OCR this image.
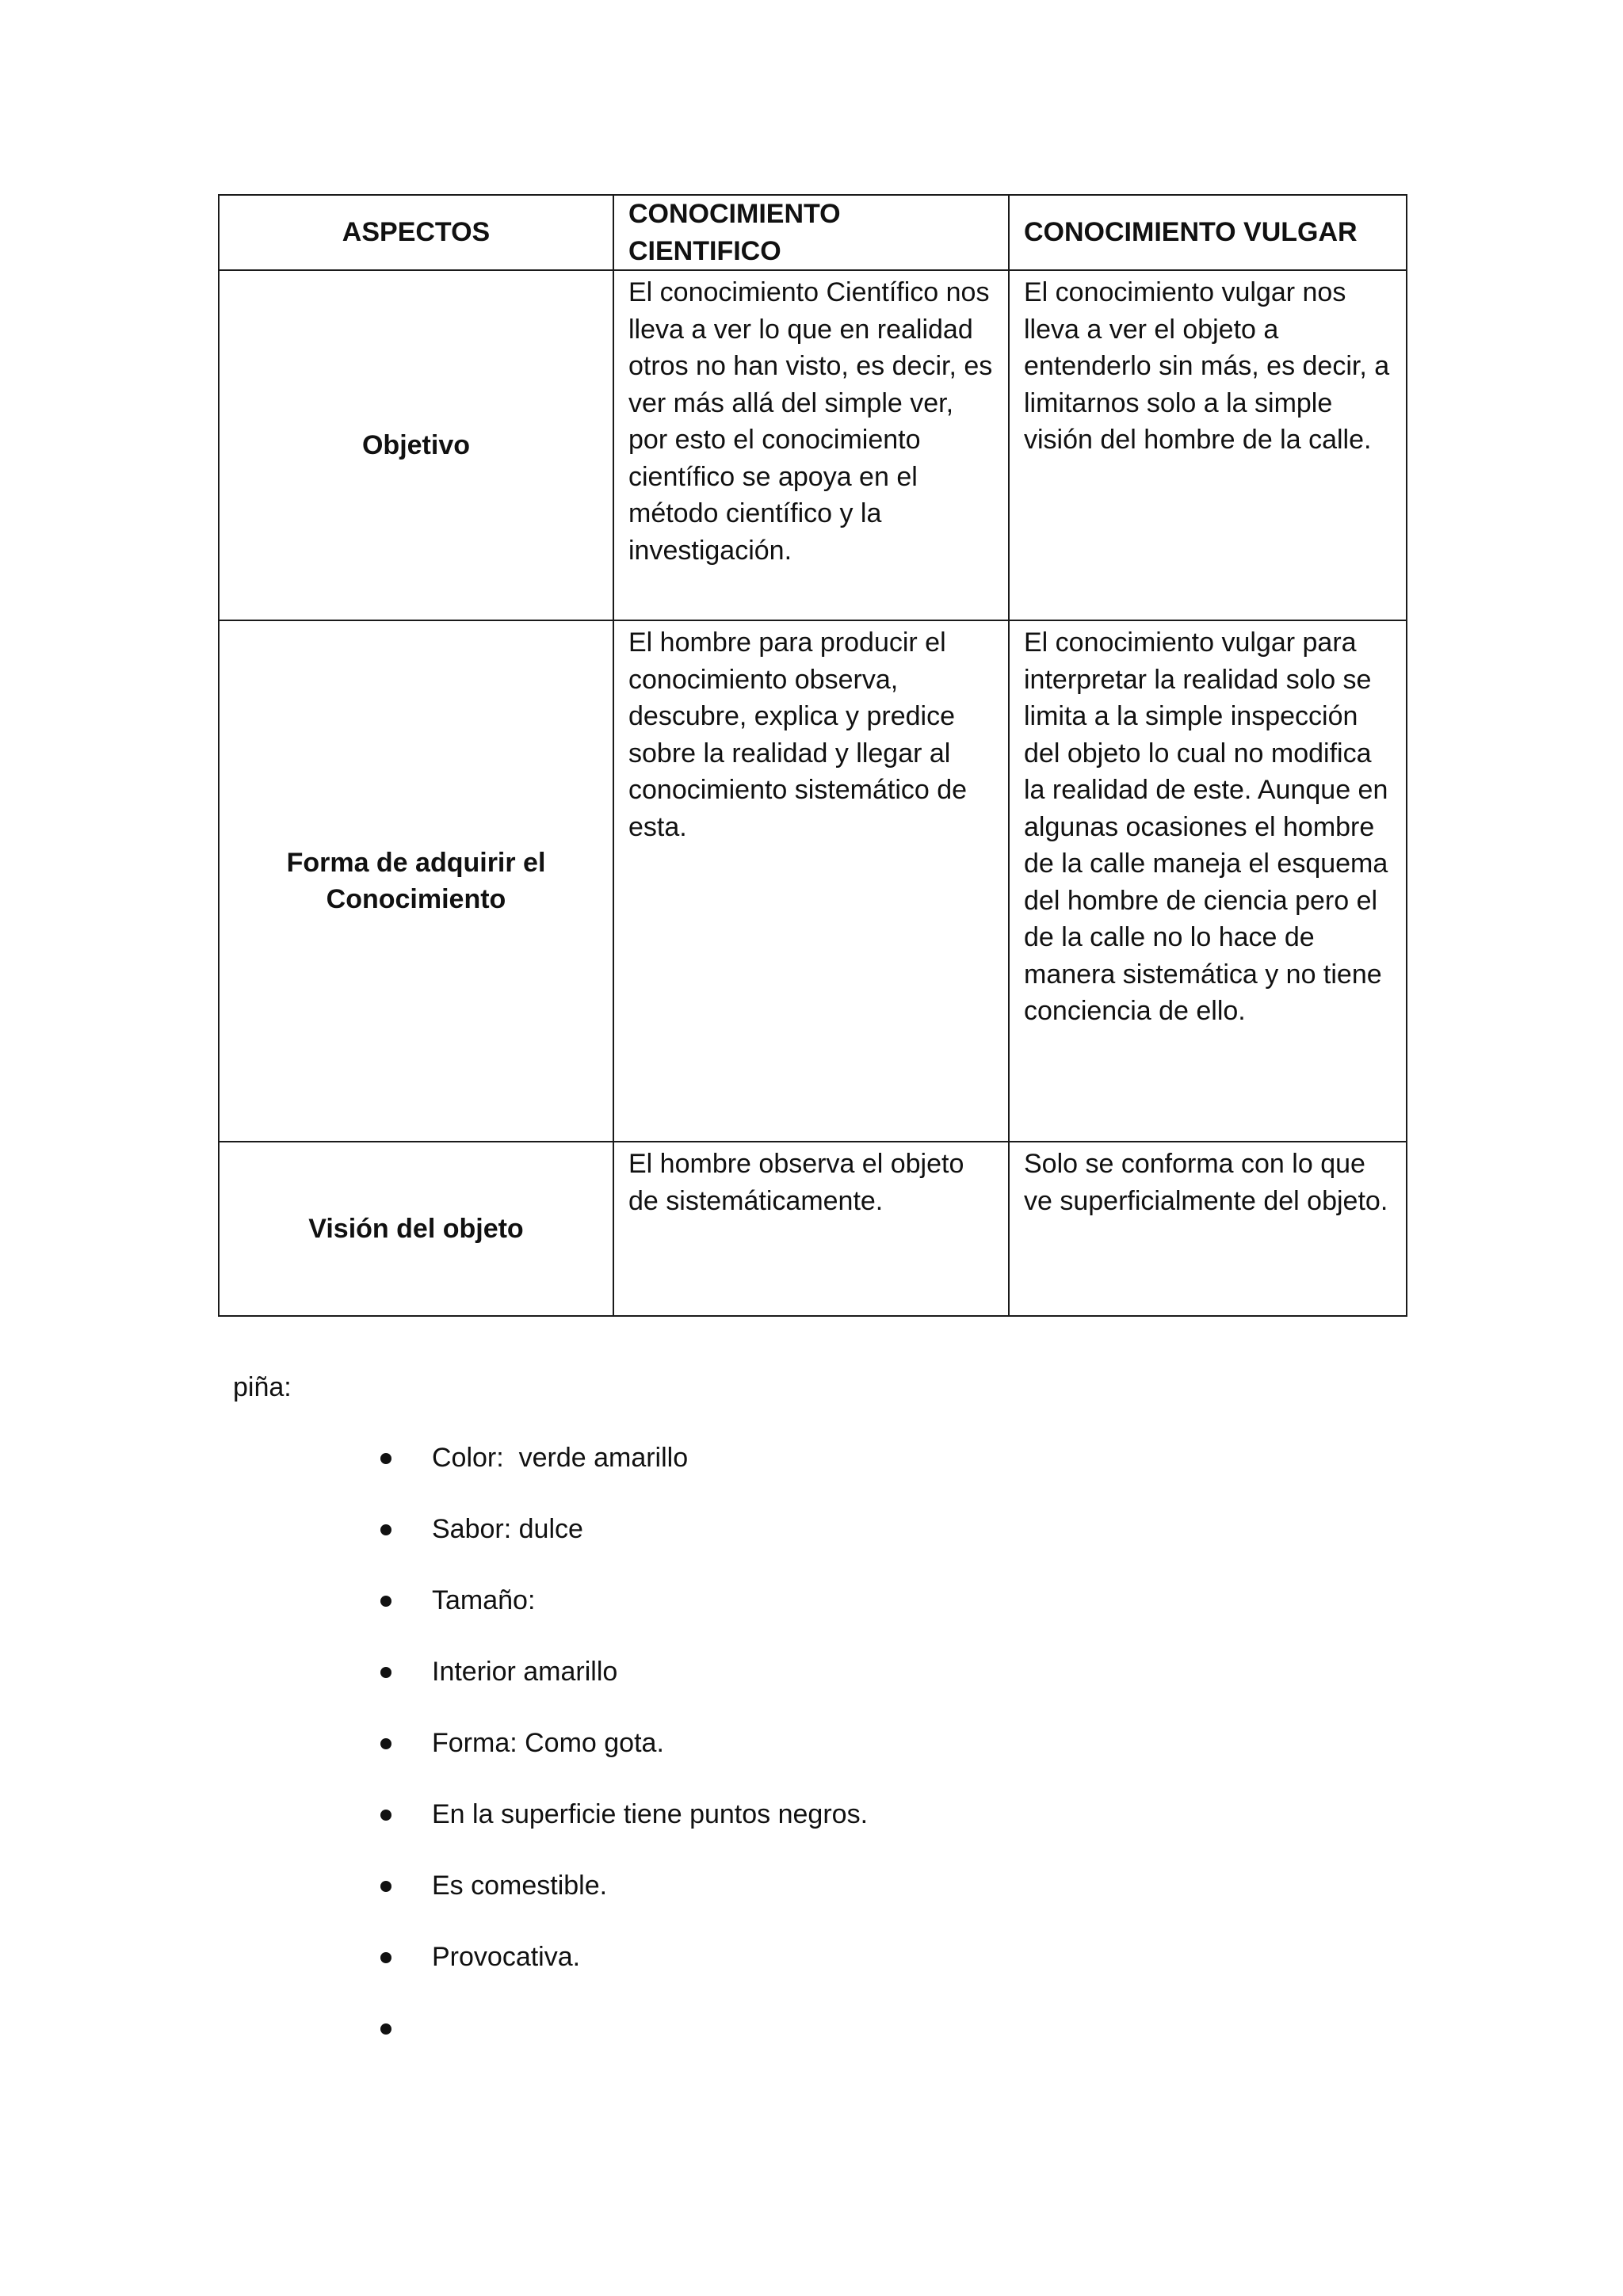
ASPECTOS	CONOCIMIENTO CIENTIFICO	CONOCIMIENTO VULGAR
Objetivo	El conocimiento Científico nos lleva a ver lo que en realidad otros no han visto, es decir, es ver más allá del simple ver, por esto el conocimiento científico se apoya en el método científico y la investigación.	El conocimiento vulgar nos lleva a ver el objeto a entenderlo sin más, es decir, a limitarnos solo a la simple visión del hombre de la calle.
Forma de adquirir el Conocimiento	El hombre para producir el conocimiento observa, descubre, explica y predice sobre la realidad y llegar al conocimiento sistemático de esta.	El conocimiento vulgar para interpretar la realidad solo se limita a la simple inspección del objeto lo cual no modifica la realidad de este. Aunque en algunas ocasiones el hombre de la calle maneja el esquema del hombre de ciencia pero el de la calle no lo hace de manera sistemática y no tiene conciencia de ello.
Visión del objeto	El hombre observa el objeto de sistemáticamente.	Solo se conforma con lo que ve superficialmente del objeto.
piña:
Color:  verde amarillo
Sabor: dulce
Tamaño:
Interior amarillo
Forma: Como gota.
En la superficie tiene puntos negros.
Es comestible.
Provocativa.
